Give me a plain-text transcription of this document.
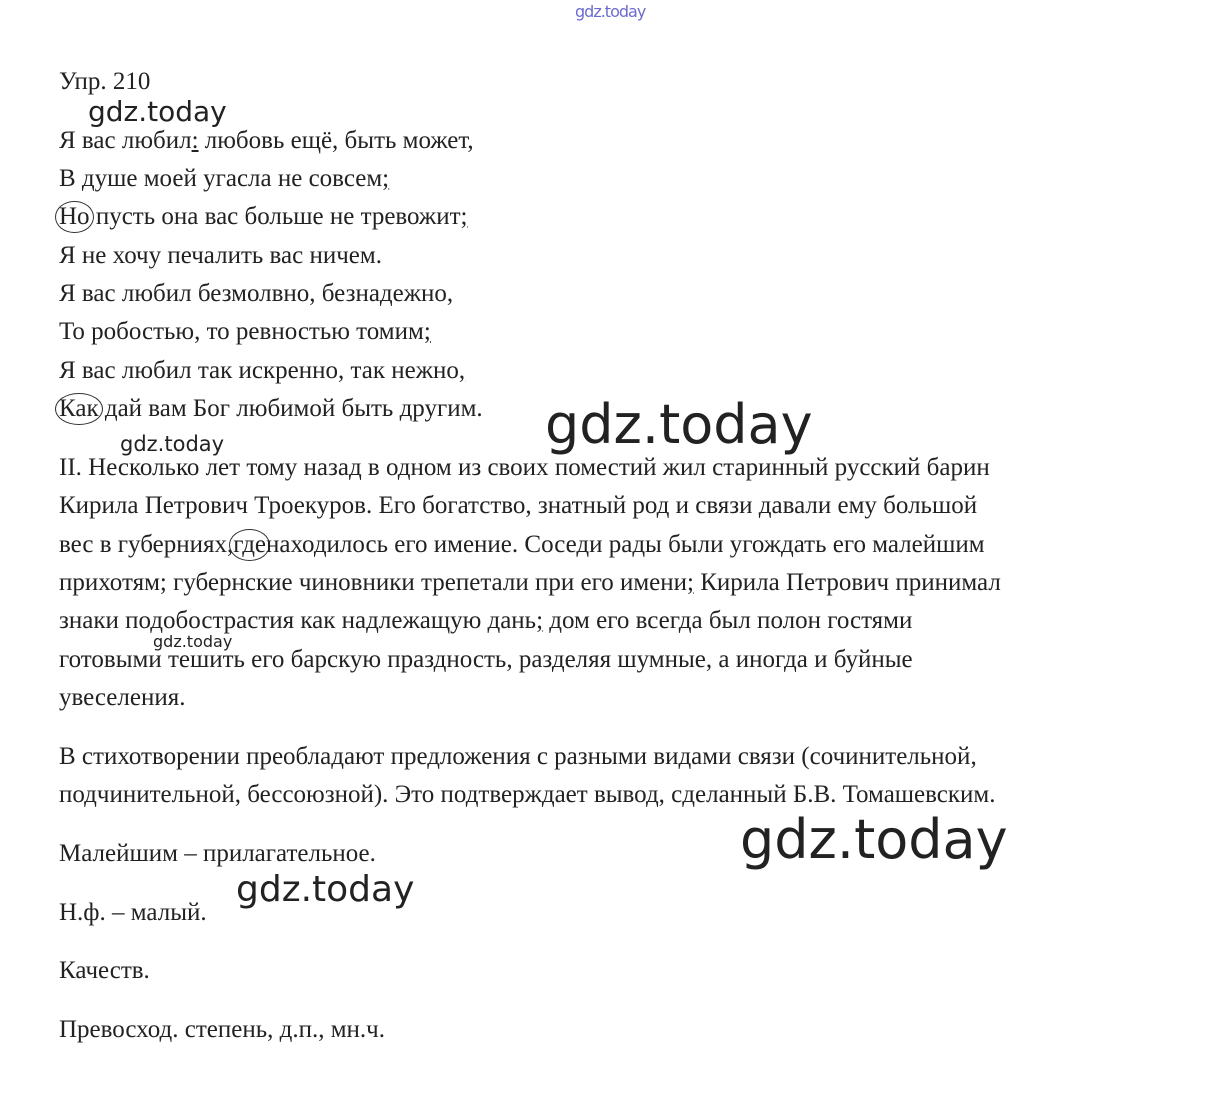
gdz.today
Упр. 210
Я вас любил: любовь ещё, быть может,
В душе моей угасла не совсем;
Но пусть она вас больше не тревожит;
Я не хочу печалить вас ничем.
Я вас любил безмолвно, безнадежно,
То робостью, то ревностью томим;
Я вас любил так искренно, так нежно,
Как дай вам Бог любимой быть другим.
II. Несколько лет тому назад в одном из своих поместий жил старинный русский барин
Кирила Петрович Троекуров. Его богатство, знатный род и связи давали ему большой
вес в губерниях,гденаходилось его имение. Соседи рады были угождать его малейшим
прихотям; губернские чиновники трепетали при его имени; Кирила Петрович принимал
знаки подобострастия как надлежащую дань; дом его всегда был полон гостями
готовыми тешить его барскую праздность, разделяя шумные, а иногда и буйные
увеселения.
В стихотворении преобладают предложения с разными видами связи (сочинительной,
подчинительной, бессоюзной). Это подтверждает вывод, сделанный Б.В. Томашевским.
Малейшим – прилагательное.
Н.ф. – малый.
Качеств.
Превосход. степень, д.п., мн.ч.
gdz.today
gdz.today
gdz.today
gdz.today
gdz.today
gdz.today
